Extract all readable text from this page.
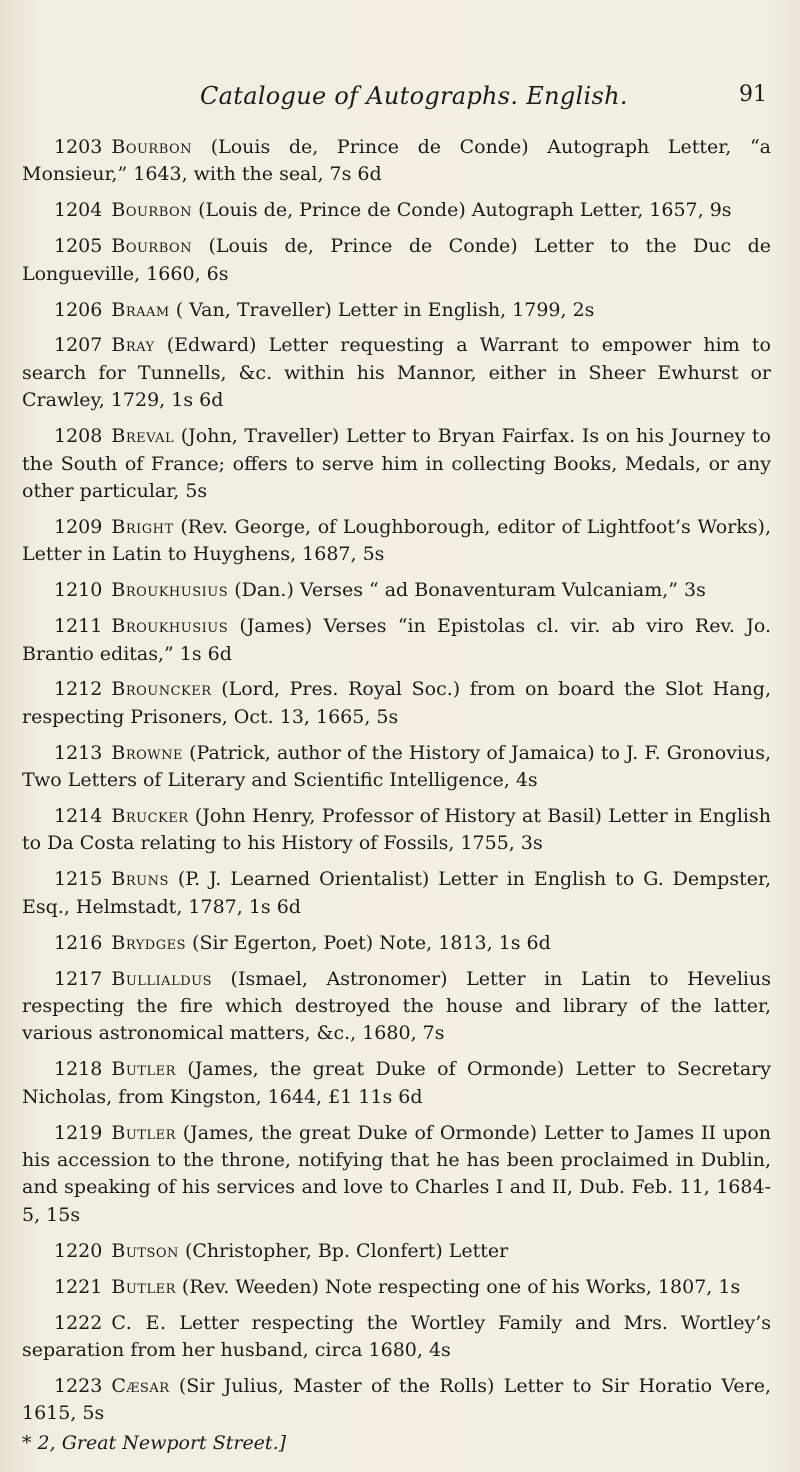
Catalogue of Autographs. English.	91

1203 Bourbon (Louis de, Prince de Conde) Autograph Letter, “a Monsieur,” 1643, with the seal, 7s 6d

1204 Bourbon (Louis de, Prince de Conde) Autograph Letter, 1657, 9s

1205 Bourbon (Louis de, Prince de Conde) Letter to the Duc de Longueville, 1660, 6s

1206 Braam ( Van, Traveller) Letter in English, 1799, 2s

1207 Bray (Edward) Letter requesting a Warrant to empower him to search for Tunnells, &c. within his Mannor, either in Sheer Ewhurst or Crawley, 1729, 1s 6d

1208 Breval (John, Traveller) Letter to Bryan Fairfax. Is on his Journey to the South of France; offers to serve him in collecting Books, Medals, or any other particular, 5s

1209 Bright (Rev. George, of Loughborough, editor of Lightfoot’s Works), Letter in Latin to Huyghens, 1687, 5s

1210 Broukhusius (Dan.) Verses “ ad Bonaventuram Vulcaniam,” 3s

1211 Broukhusius (James) Verses “in Epistolas cl. vir. ab viro Rev. Jo. Brantio editas,” 1s 6d

1212 Brouncker (Lord, Pres. Royal Soc.) from on board the Slot Hang, respecting Prisoners, Oct. 13, 1665, 5s

1213 Browne (Patrick, author of the History of Jamaica) to J. F. Gronovius, Two Letters of Literary and Scientific Intelligence, 4s

1214 Brucker (John Henry, Professor of History at Basil) Letter in English to Da Costa relating to his History of Fossils, 1755, 3s

1215 Bruns (P. J. Learned Orientalist) Letter in English to G. Dempster, Esq., Helmstadt, 1787, 1s 6d

1216 Brydges (Sir Egerton, Poet) Note, 1813, 1s 6d

1217 Bullialdus (Ismael, Astronomer) Letter in Latin to Hevelius respecting the fire which destroyed the house and library of the latter, various astronomical matters, &c., 1680, 7s

1218 Butler (James, the great Duke of Ormonde) Letter to Secretary Nicholas, from Kingston, 1644, £1 11s 6d

1219 Butler (James, the great Duke of Ormonde) Letter to James II upon his accession to the throne, notifying that he has been proclaimed in Dublin, and speaking of his services and love to Charles I and II, Dub. Feb. 11, 1684-5, 15s

1220 Butson (Christopher, Bp. Clonfert) Letter

1221 Butler (Rev. Weeden) Note respecting one of his Works, 1807, 1s

1222 C. E. Letter respecting the Wortley Family and Mrs. Wortley’s separation from her husband, circa 1680, 4s

1223 Cæsar (Sir Julius, Master of the Rolls) Letter to Sir Horatio Vere, 1615, 5s

* 2, Great Newport Street.]
